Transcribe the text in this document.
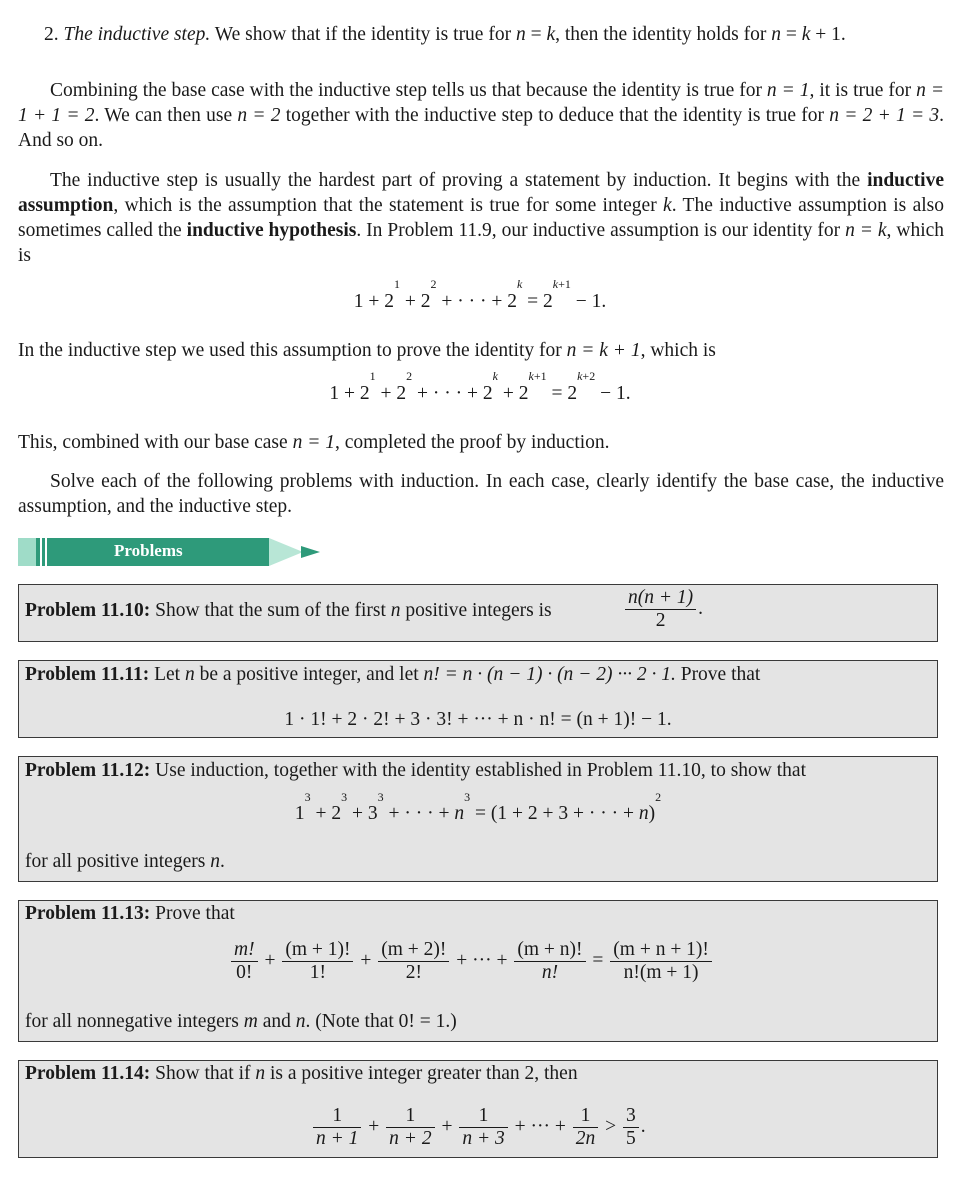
2. The inductive step. We show that if the identity is true for n = k, then the identity holds for n = k + 1.
Combining the base case with the inductive step tells us that because the identity is true for n = 1, it is true for n = 1 + 1 = 2. We can then use n = 2 together with the inductive step to deduce that the identity is true for n = 2 + 1 = 3. And so on.
The inductive step is usually the hardest part of proving a statement by induction. It begins with the inductive assumption, which is the assumption that the statement is true for some integer k. The inductive assumption is also sometimes called the inductive hypothesis. In Problem 11.9, our inductive assumption is our identity for n = k, which is
$1 + 2^1 + 2^2$ + · · · + $2^k = 2^{k+1} - 1$.
In the inductive step we used this assumption to prove the identity for n = k + 1, which is
$1 + 2^1 + 2^2$ + · · · + $2^k + 2^{k+1} = 2^{k+2} - 1$.
This, combined with our base case n = 1, completed the proof by induction.
Solve each of the following problems with induction. In each case, clearly identify the base case, the inductive assumption, and the inductive step.
Problems
Problem 11.10: Show that the sum of the first n positive integers is	$\frac{n(n + 1)}{2}$ .
Problem 11.11: Let n be a positive integer, and let n! = n · (n − 1) · (n − 2) ··· 2 · 1. Prove that
1 · 1! + 2 · 2! + 3 · 3! + ··· + n · n! = (n + 1)! − 1.
Problem 11.12: Use induction, together with the identity established in Problem 11.10, to show that
$1^3 + 2^3 + 3^3$ + · · · + $n^3 = (1 + 2 + 3$ + · · · + n)$^2$
for all positive integers n.
Problem 11.13: Prove that
$\frac{m!}{0!} + \frac{(m + 1)!}{1!} + \frac{(m + 2)!}{2!}$ + ··· + $\frac{(m + n)!}{n!} = \frac{(m + n + 1)!}{n!(m + 1)}$
for all nonnegative integers m and n. (Note that 0! = 1.)
Problem 11.14: Show that if n is a positive integer greater than 2, then
$\frac{1}{n + 1} + \frac{1}{n + 2} + \frac{1}{n + 3}$ + ··· + $\frac{1}{2n} > \frac{3}{5}$ .
